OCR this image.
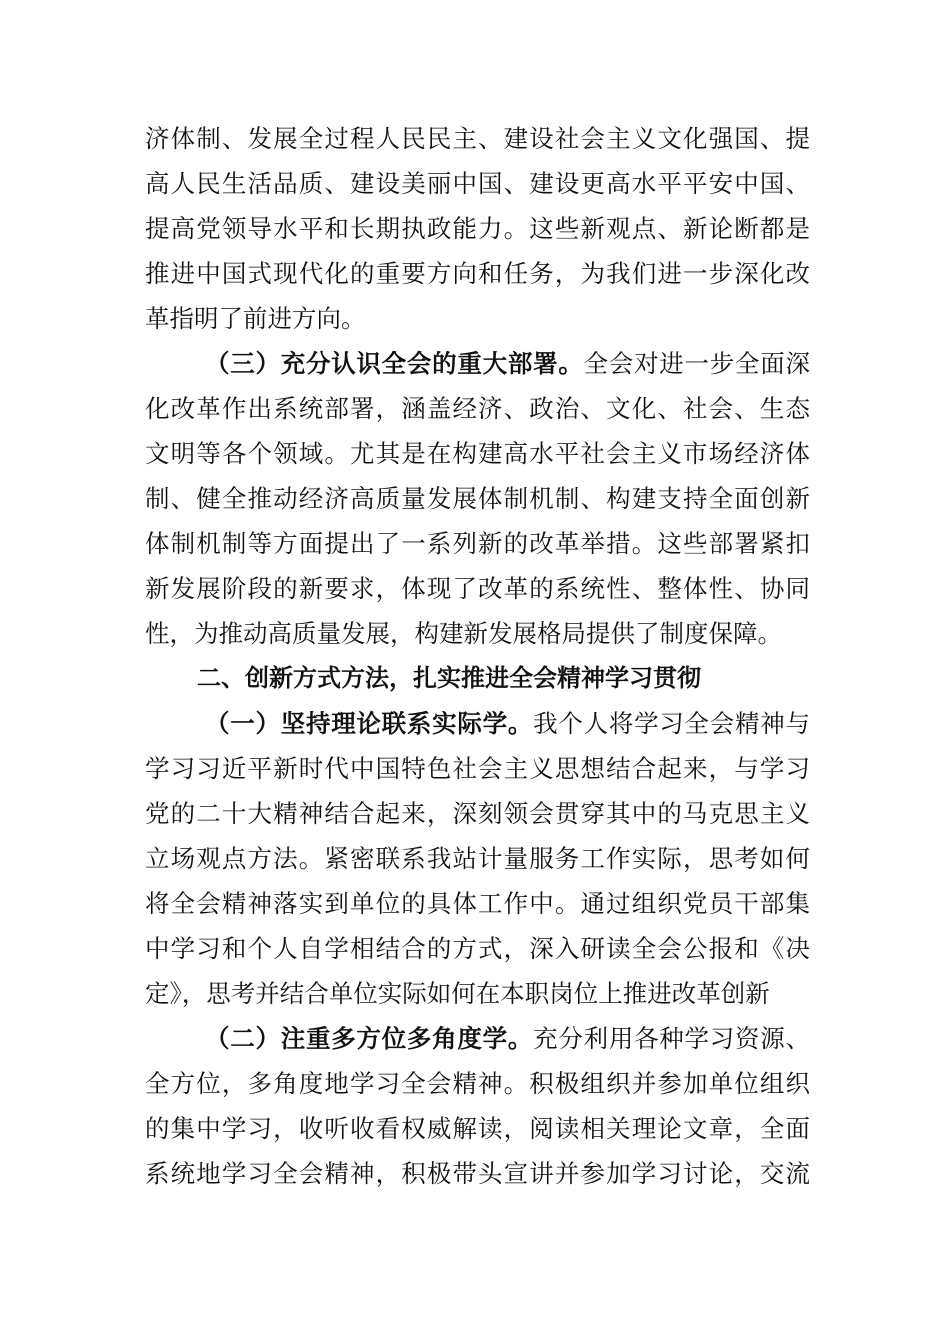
济体制、发展全过程人民民主、建设社会主义文化强国、提
高人民生活品质、建设美丽中国、建设更高水平平安中国、
提高党领导水平和长期执政能力。这些新观点、新论断都是
推进中国式现代化的重要方向和任务，为我们进一步深化改
革指明了前进方向。
（三）充分认识全会的重大部署。全会对进一步全面深
化改革作出系统部署，涵盖经济、政治、文化、社会、生态
文明等各个领域。尤其是在构建高水平社会主义市场经济体
制、健全推动经济高质量发展体制机制、构建支持全面创新
体制机制等方面提出了一系列新的改革举措。这些部署紧扣
新发展阶段的新要求，体现了改革的系统性、整体性、协同
性，为推动高质量发展，构建新发展格局提供了制度保障。
二、创新方式方法，扎实推进全会精神学习贯彻
（一）坚持理论联系实际学。我个人将学习全会精神与
学习习近平新时代中国特色社会主义思想结合起来，与学习
党的二十大精神结合起来，深刻领会贯穿其中的马克思主义
立场观点方法。紧密联系我站计量服务工作实际，思考如何
将全会精神落实到单位的具体工作中。通过组织党员干部集
中学习和个人自学相结合的方式，深入研读全会公报和《决
定》，思考并结合单位实际如何在本职岗位上推进改革创新
（二）注重多方位多角度学。充分利用各种学习资源、
全方位，多角度地学习全会精神。积极组织并参加单位组织
的集中学习，收听收看权威解读，阅读相关理论文章，全面
系统地学习全会精神，积极带头宣讲并参加学习讨论，交流
